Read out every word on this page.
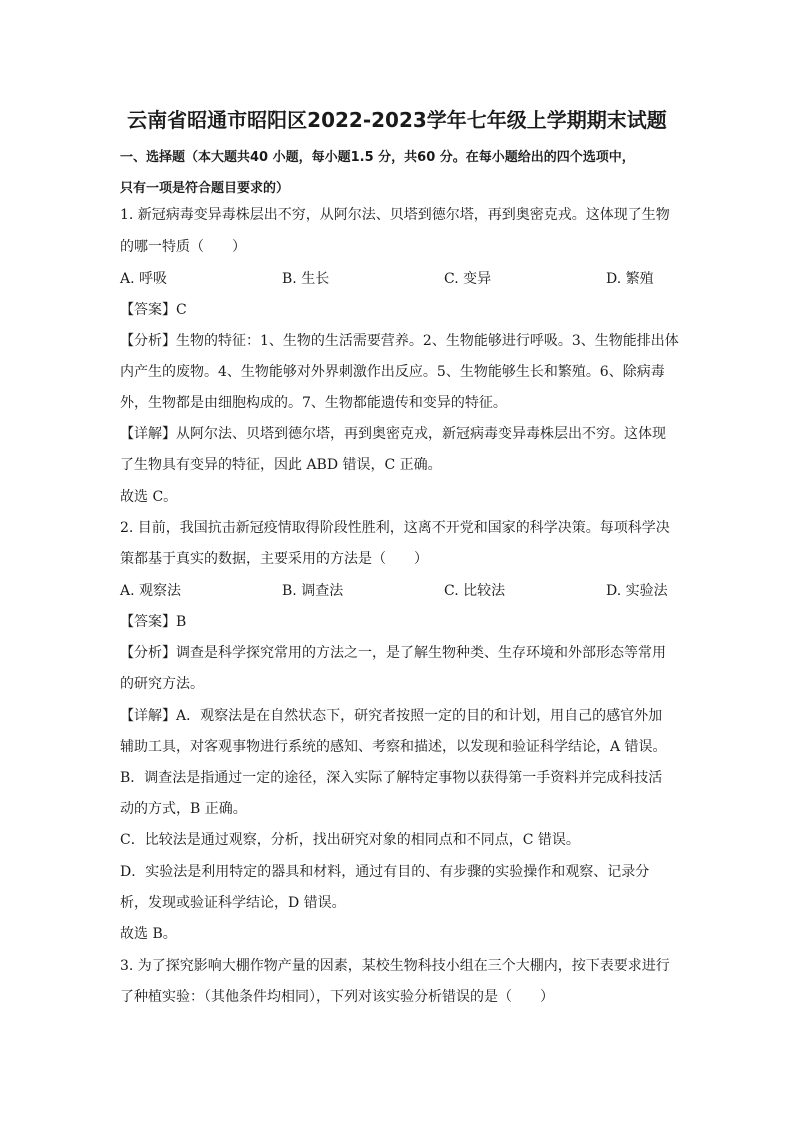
云南省昭通市昭阳区2022-2023学年七年级上学期期末试题
一、选择题（本大题共40 小题，每小题1.5 分，共60 分。在每小题给出的四个选项中，
只有一项是符合题目要求的）
1. 新冠病毒变异毒株层出不穷，从阿尔法、贝塔到德尔塔，再到奥密克戎。这体现了生物
的哪一特质（　　）
A. 呼吸	B. 生长	C. 变异	D. 繁殖
【答案】C
【分析】生物的特征：1、生物的生活需要营养。2、生物能够进行呼吸。3、生物能排出体
内产生的废物。4、生物能够对外界刺激作出反应。5、生物能够生长和繁殖。6、除病毒
外，生物都是由细胞构成的。7、生物都能遗传和变异的特征。
【详解】从阿尔法、贝塔到德尔塔，再到奥密克戎，新冠病毒变异毒株层出不穷。这体现
了生物具有变异的特征，因此 ABD 错误，C 正确。
故选 C。
2. 目前，我国抗击新冠疫情取得阶段性胜利，这离不开党和国家的科学决策。每项科学决
策都基于真实的数据，主要采用的方法是（　　）
A. 观察法	B. 调查法	C. 比较法	D. 实验法
【答案】B
【分析】调查是科学探究常用的方法之一，是了解生物种类、生存环境和外部形态等常用
的研究方法。
【详解】A．观察法是在自然状态下，研究者按照一定的目的和计划，用自己的感官外加
辅助工具，对客观事物进行系统的感知、考察和描述，以发现和验证科学结论，A 错误。
B．调查法是指通过一定的途径，深入实际了解特定事物以获得第一手资料并完成科技活
动的方式，B 正确。
C．比较法是通过观察，分析，找出研究对象的相同点和不同点，C 错误。
D．实验法是利用特定的器具和材料，通过有目的、有步骤的实验操作和观察、记录分
析，发现或验证科学结论，D 错误。
故选 B。
3. 为了探究影响大棚作物产量的因素，某校生物科技小组在三个大棚内，按下表要求进行
了种植实验：（其他条件均相同），下列对该实验分析错误的是（　　）
